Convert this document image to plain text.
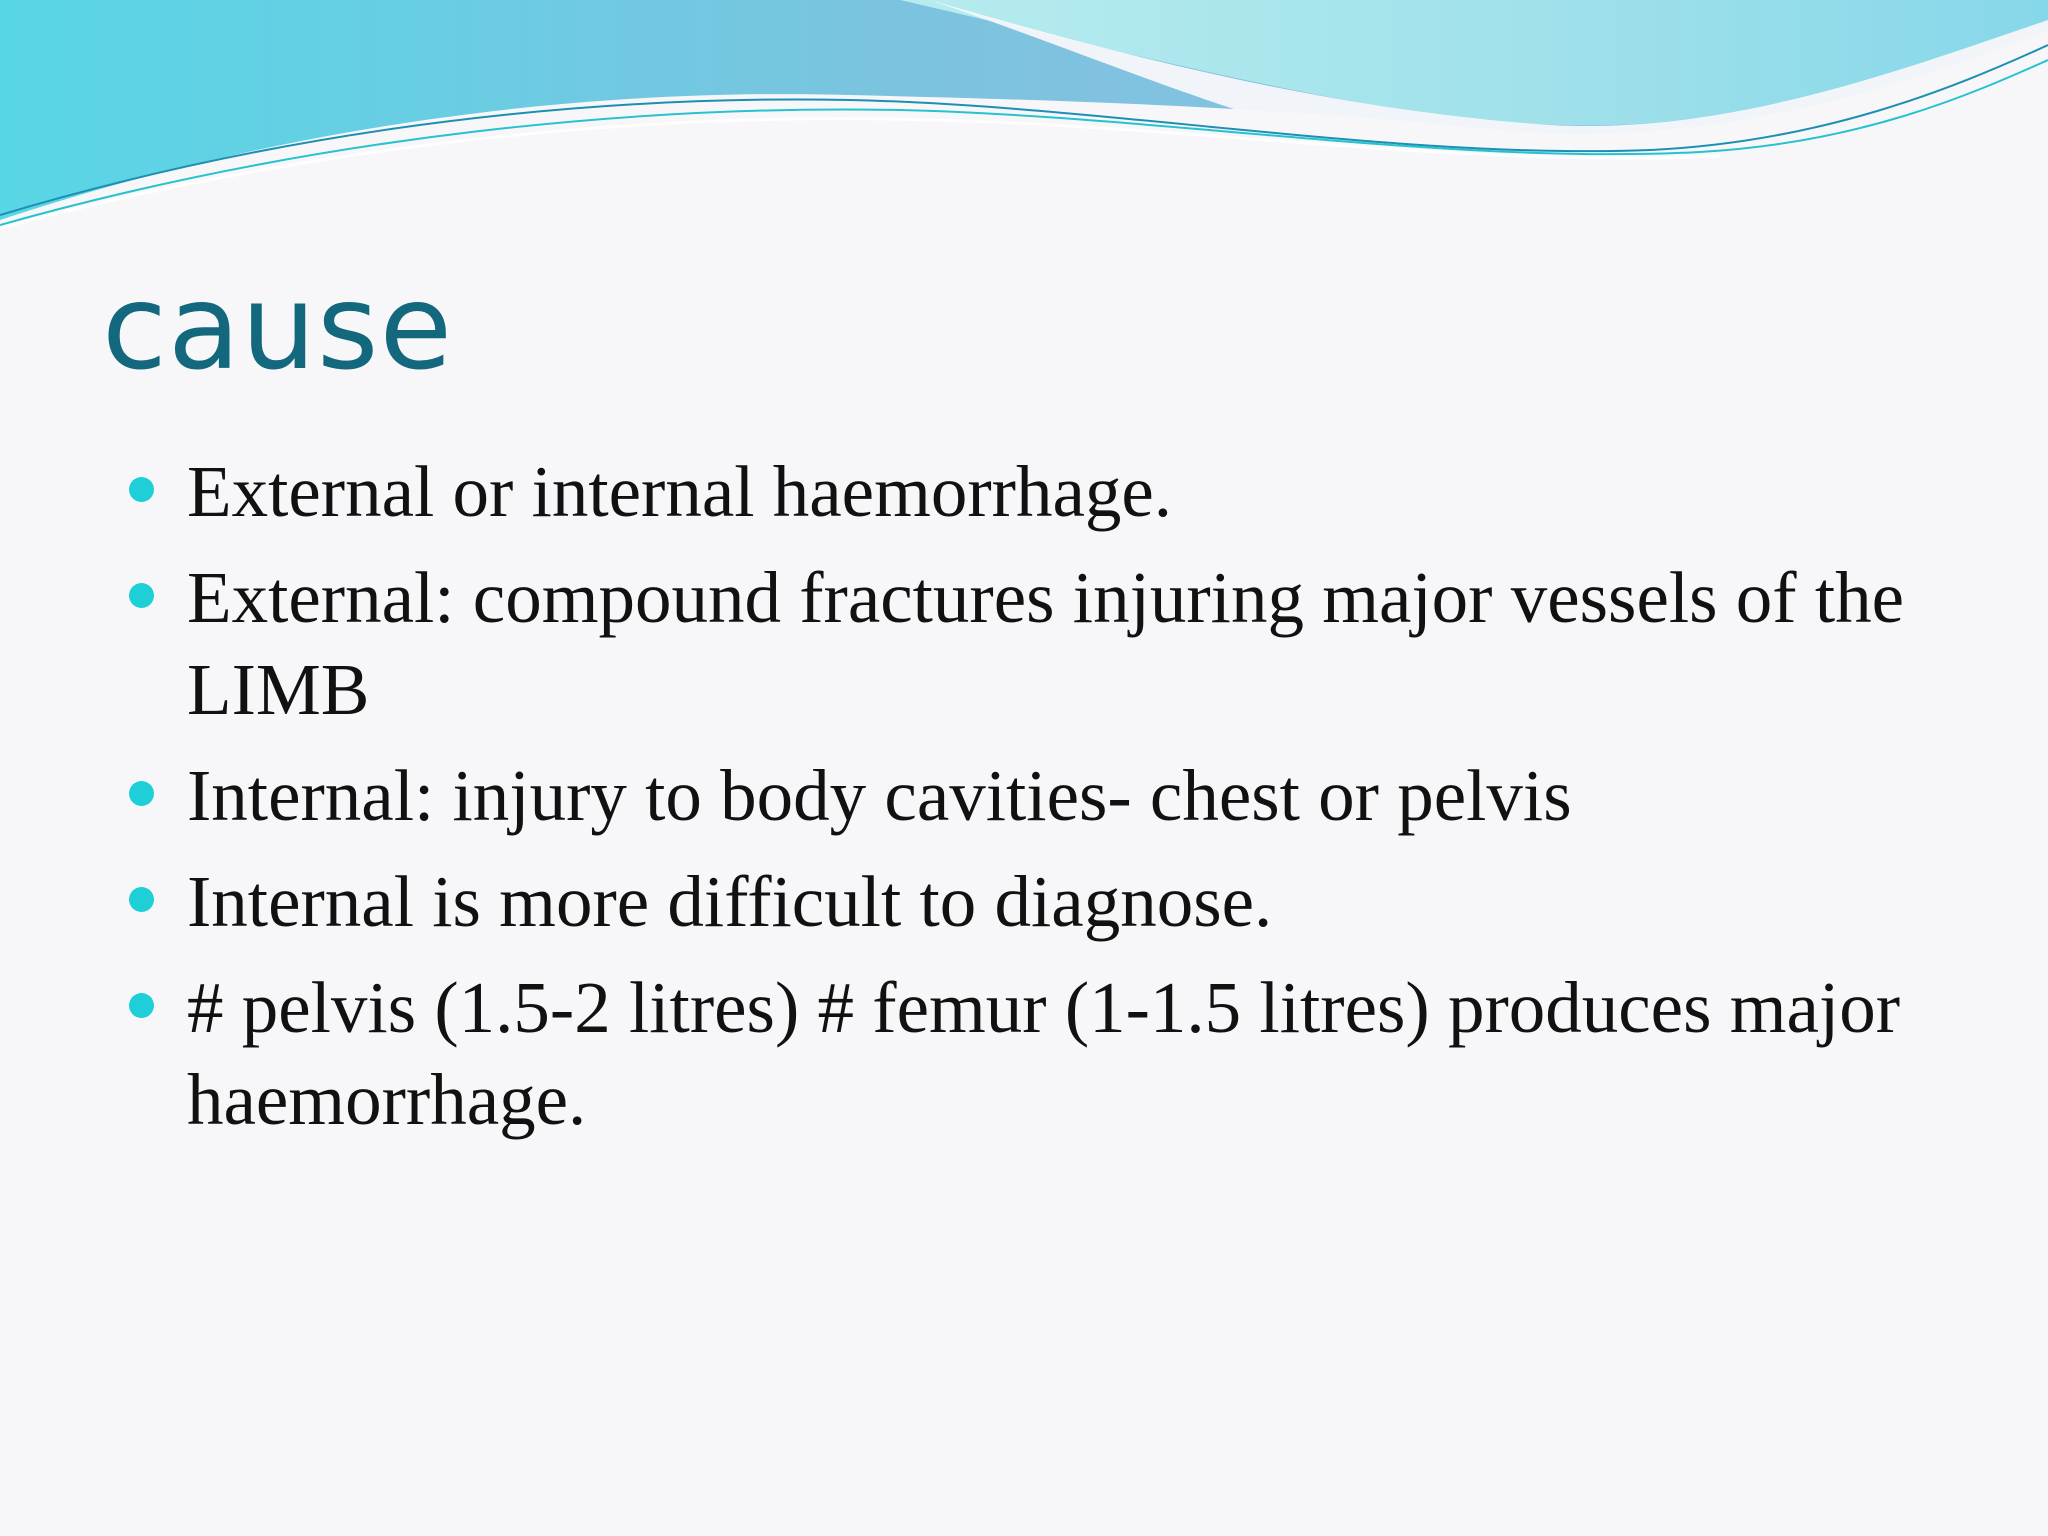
cause
External or internal haemorrhage.
External: compound fractures injuring major vessels of the LIMB
Internal: injury to body cavities- chest or pelvis
Internal is more difficult to diagnose.
# pelvis (1.5-2 litres) # femur (1-1.5 litres) produces major haemorrhage.
